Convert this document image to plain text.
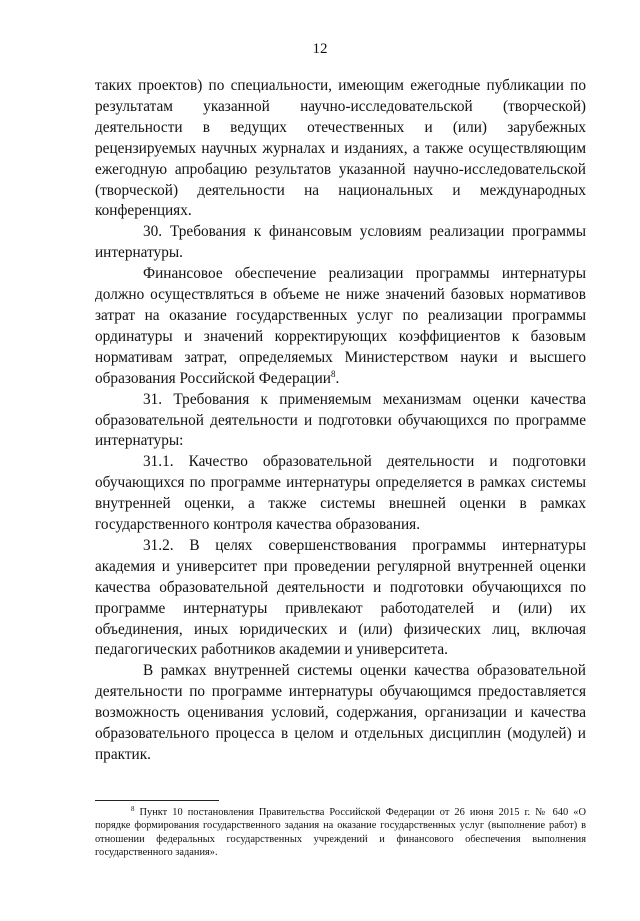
12

таких проектов) по специальности, имеющим ежегодные публикации по результатам указанной научно-исследовательской (творческой) деятельности в ведущих отечественных и (или) зарубежных рецензируемых научных журналах и изданиях, а также осуществляющим ежегодную апробацию результатов указанной научно-исследовательской (творческой) деятельности на национальных и международных конференциях.

30. Требования к финансовым условиям реализации программы интернатуры.

Финансовое обеспечение реализации программы интернатуры должно осуществляться в объеме не ниже значений базовых нормативов затрат на оказание государственных услуг по реализации программы ординатуры и значений корректирующих коэффициентов к базовым нормативам затрат, определяемых Министерством науки и высшего образования Российской Федерации$^8$.

31. Требования к применяемым механизмам оценки качества образовательной деятельности и подготовки обучающихся по программе интернатуры:

31.1. Качество образовательной деятельности и подготовки обучающихся по программе интернатуры определяется в рамках системы внутренней оценки, а также системы внешней оценки в рамках государственного контроля качества образования.

31.2. В целях совершенствования программы интернатуры академия и университет при проведении регулярной внутренней оценки качества образовательной деятельности и подготовки обучающихся по программе интернатуры привлекают работодателей и (или) их объединения, иных юридических и (или) физических лиц, включая педагогических работников академии и университета.

В рамках внутренней системы оценки качества образовательной деятельности по программе интернатуры обучающимся предоставляется возможность оценивания условий, содержания, организации и качества образовательного процесса в целом и отдельных дисциплин (модулей) и практик.

$^8$ Пункт 10 постановления Правительства Российской Федерации от 26 июня 2015 г. № 640 «О порядке формирования государственного задания на оказание государственных услуг (выполнение работ) в отношении федеральных государственных учреждений и финансового обеспечения выполнения государственного задания».
